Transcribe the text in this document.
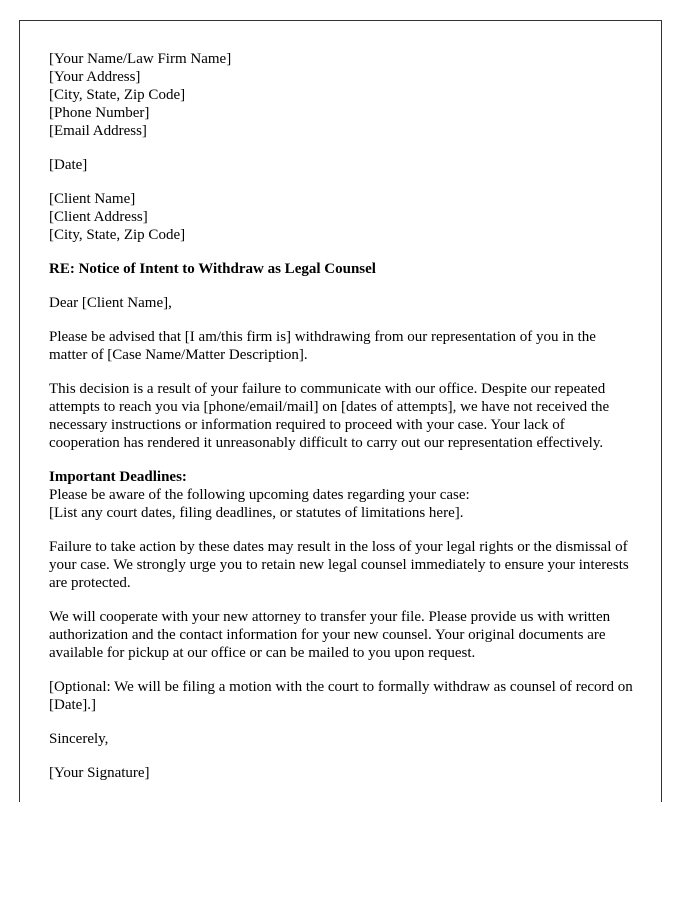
[Your Name/Law Firm Name]
[Your Address]
[City, State, Zip Code]
[Phone Number]
[Email Address]

[Date]

[Client Name]
[Client Address]
[City, State, Zip Code]

RE: Notice of Intent to Withdraw as Legal Counsel

Dear [Client Name],

Please be advised that [I am/this firm is] withdrawing from our representation of you in the matter of [Case Name/Matter Description].

This decision is a result of your failure to communicate with our office. Despite our repeated attempts to reach you via [phone/email/mail] on [dates of attempts], we have not received the necessary instructions or information required to proceed with your case. Your lack of cooperation has rendered it unreasonably difficult to carry out our representation effectively.

Important Deadlines:
Please be aware of the following upcoming dates regarding your case:
[List any court dates, filing deadlines, or statutes of limitations here].

Failure to take action by these dates may result in the loss of your legal rights or the dismissal of your case. We strongly urge you to retain new legal counsel immediately to ensure your interests are protected.

We will cooperate with your new attorney to transfer your file. Please provide us with written authorization and the contact information for your new counsel. Your original documents are available for pickup at our office or can be mailed to you upon request.

[Optional: We will be filing a motion with the court to formally withdraw as counsel of record on [Date].]

Sincerely,

[Your Signature]
